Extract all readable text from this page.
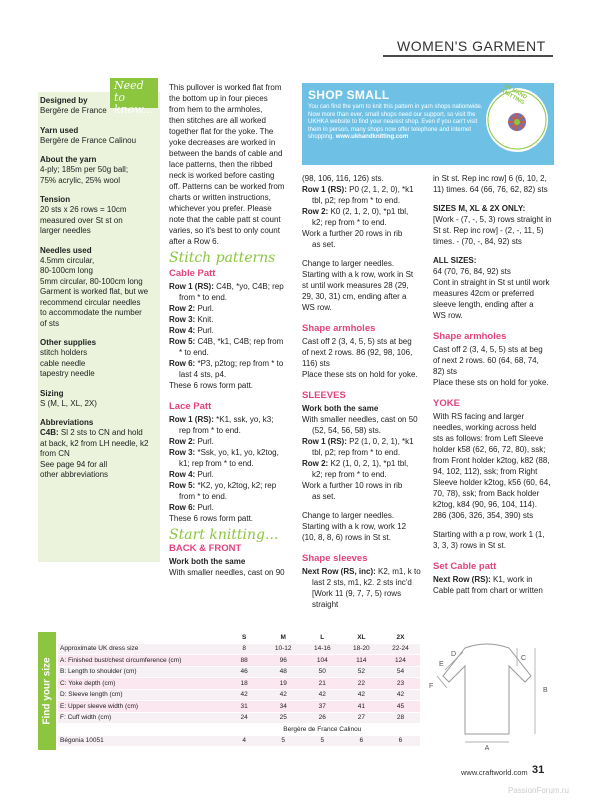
WOMEN'S GARMENT
Designed by
Bergère de France
Yarn used
Bergère de France Calinou
About the yarn
4-ply; 185m per 50g ball;
75% acrylic, 25% wool
Tension
20 sts x 26 rows = 10cm
measured over St st on
larger needles
Needles used
4.5mm circular,
80-100cm long
5mm circular, 80-100cm long
Garment is worked flat, but we
recommend circular needles
to accommodate the number
of sts
Other supplies
stitch holders
cable needle
tapestry needle
Sizing
S (M, L, XL, 2X)
Abbreviations
C4B: Sl 2 sts to CN and hold
at back, k2 from LH needle, k2
from CN
See page 94 for all
other abbreviations
Need to know...

This pullover is worked flat from

the bottom up in four pieces

from hem to the armholes,

then stitches are all worked

together flat for the yoke. The

yoke decreases are worked in

between the bands of cable and

lace patterns, then the ribbed

neck is worked before casting

off. Patterns can be worked from

charts or written instructions,

whichever you prefer. Please

note that the cable patt st count

varies, so it's best to only count

after a Row 6.

Stitch patterns
Cable Patt

Row 1 (RS): C4B, *yo, C4B; rep

from * to end.

Row 2: Purl.

Row 3: Knit.

Row 4: Purl.

Row 5: C4B, *k1, C4B; rep from

* to end.

Row 6: *P3, p2tog; rep from * to

last 4 sts, p4.

These 6 rows form patt.

Lace Patt

Row 1 (RS): *K1, ssk, yo, k3;

rep from * to end.

Row 2: Purl.

Row 3: *Ssk, yo, k1, yo, k2tog,

k1; rep from * to end.

Row 4: Purl.

Row 5: *K2, yo, k2tog, k2; rep

from * to end.

Row 6: Purl.

These 6 rows form patt.

Start knitting...
BACK & FRONT
Work both the same
With smaller needles, cast on 90
SHOP SMALL
You can find the yarn to knit this pattern in yarn shops nationwide. Now more than ever, small shops need our support, so visit the UKHKA website to find your nearest shop. Even if you can't visit them in person, many shops now offer telephone and internet shopping. www.ukhandknitting.com
UK HAND KNITTING

(98, 106, 116, 126) sts.

Row 1 (RS): P0 (2, 1, 2, 0), *k1

tbl, p2; rep from * to end.

Row 2: K0 (2, 1, 2, 0), *p1 tbl,

k2; rep from * to end.

Work a further 20 rows in rib

as set.

Change to larger needles.

Starting with a k row, work in St

st until work measures 28 (29,

29, 30, 31) cm, ending after a

WS row.

Shape armholes

Cast off 2 (3, 4, 5, 5) sts at beg

of next 2 rows. 86 (92, 98, 106,

116) sts

Place these sts on hold for yoke.

SLEEVES
Work both the same

With smaller needles, cast on 50

(52, 54, 56, 58) sts.

Row 1 (RS): P2 (1, 0, 2, 1), *k1

tbl, p2; rep from * to end.

Row 2: K2 (1, 0, 2, 1), *p1 tbl,

k2; rep from * to end.

Work a further 10 rows in rib

as set.

Change to larger needles.

Starting with a k row, work 12

(10, 8, 8, 6) rows in St st.

Shape sleeves

Next Row (RS, inc): K2, m1, k to

last 2 sts, m1, k2. 2 sts inc'd

[Work 11 (9, 7, 7, 5) rows straight

in St st. Rep inc row] 6 (6, 10, 2,

11) times. 64 (66, 76, 62, 82) sts

SIZES M, XL & 2X ONLY:

[Work - (7, -, 5, 3) rows straight in

St st. Rep inc row] - (2, -, 11, 5)

times. - (70, -, 84, 92) sts

ALL SIZES:

64 (70, 76, 84, 92) sts

Cont in straight in St st until work

measures 42cm or preferred

sleeve length, ending after a

WS row.

Shape armholes

Cast off 2 (3, 4, 5, 5) sts at beg

of next 2 rows. 60 (64, 68, 74,

82) sts

Place these sts on hold for yoke.

YOKE

With RS facing and larger

needles, working across held

sts as follows: from Left Sleeve

holder k58 (62, 66, 72, 80), ssk;

from Front holder k2tog, k82 (88,

94, 102, 112), ssk; from Right

Sleeve holder k2tog, k56 (60, 64,

70, 78), ssk; from Back holder

k2tog, k84 (90, 96, 104, 114).

286 (306, 326, 354, 390) sts

Starting with a p row, work 1 (1,

3, 3, 3) rows in St st.

Set Cable patt

Next Row (RS): K1, work in

Cable patt from chart or written

Find your size
	S	M	L	XL	2X
Approximate UK dress size	8	10-12	14-16	18-20	22-24
A: Finished bust/chest circumference (cm)	88	96	104	114	124
B: Length to shoulder (cm)	46	48	50	52	54
C: Yoke depth (cm)	18	19	21	22	23
D: Sleeve length (cm)	42	42	42	42	42
E: Upper sleeve width (cm)	31	34	37	41	45
F: Cuff width (cm)	24	25	26	27	28
	Bergère de France Calinou				
Bégonia 10051	4	5	5	6	6
A
B
C
D
E
F
www.craftworld.com 31
PassionForum.ru
